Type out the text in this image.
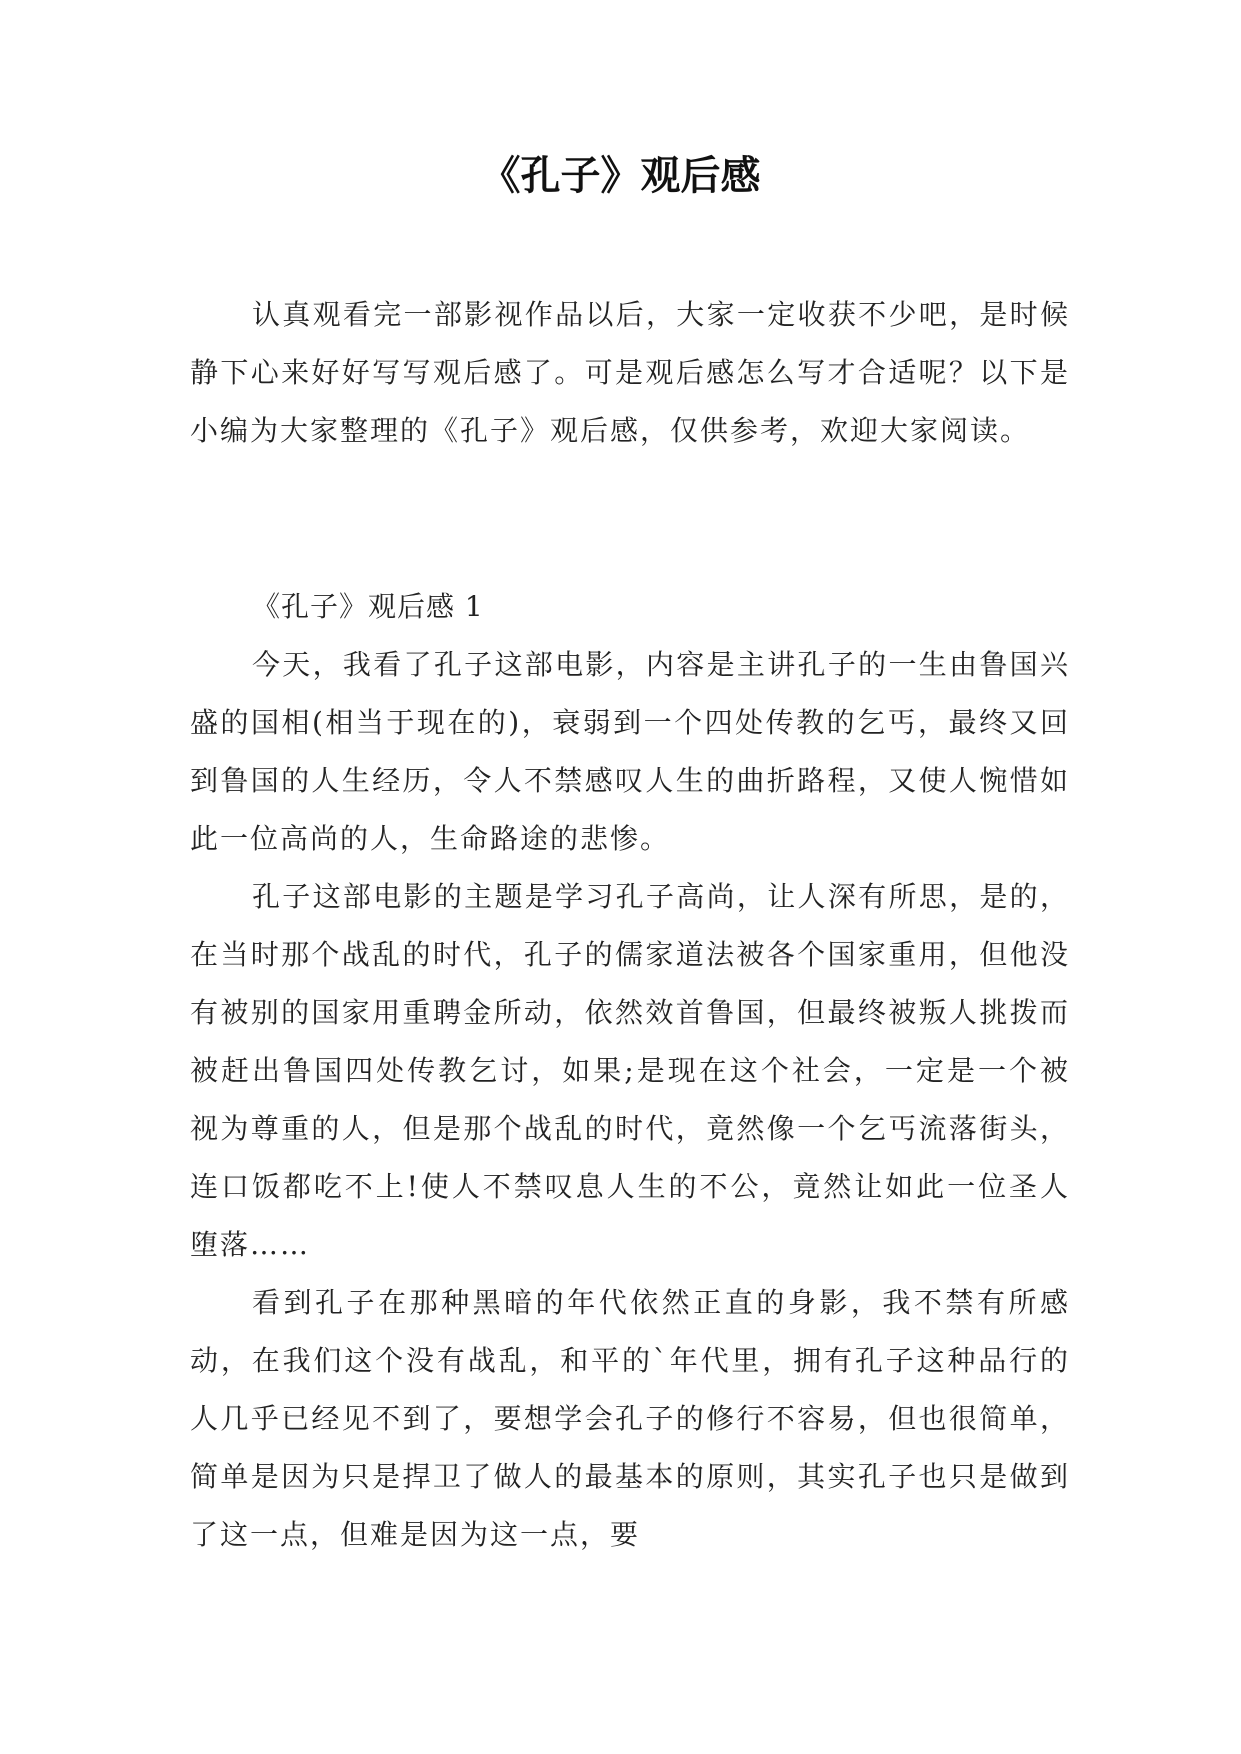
《孔子》观后感

认真观看完一部影视作品以后，大家一定收获不少吧，是时候静下心来好好写写观后感了。可是观后感怎么写才合适呢？以下是小编为大家整理的《孔子》观后感，仅供参考，欢迎大家阅读。

《孔子》观后感 1

今天，我看了孔子这部电影，内容是主讲孔子的一生由鲁国兴盛的国相(相当于现在的)，衰弱到一个四处传教的乞丐，最终又回到鲁国的人生经历，令人不禁感叹人生的曲折路程，又使人惋惜如此一位高尚的人，生命路途的悲惨。

孔子这部电影的主题是学习孔子高尚，让人深有所思，是的，在当时那个战乱的时代，孔子的儒家道法被各个国家重用，但他没有被别的国家用重聘金所动，依然效首鲁国，但最终被叛人挑拨而被赶出鲁国四处传教乞讨，如果;是现在这个社会，一定是一个被视为尊重的人，但是那个战乱的时代，竟然像一个乞丐流落街头，连口饭都吃不上!使人不禁叹息人生的不公，竟然让如此一位圣人堕落……

看到孔子在那种黑暗的年代依然正直的身影，我不禁有所感动，在我们这个没有战乱，和平的`年代里，拥有孔子这种品行的人几乎已经见不到了，要想学会孔子的修行不容易，但也很简单，简单是因为只是捍卫了做人的最基本的原则，其实孔子也只是做到了这一点，但难是因为这一点，要
